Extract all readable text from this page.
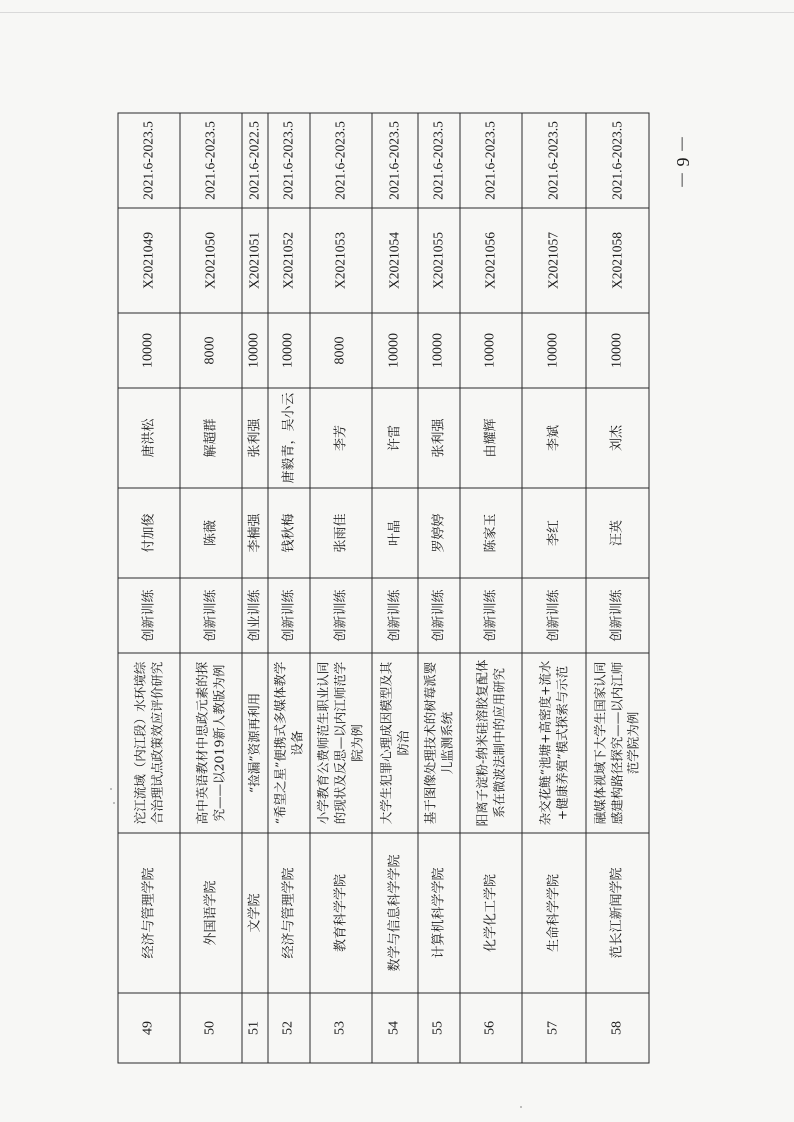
49	经济与管理学院	沱江流域（内江段）水环境综合治理试点政策效应评价研究	创新训练	付加俊	唐洪松	10000	X2021049	2021.6-2023.5
50	外国语学院	高中英语教材中思政元素的探究——以2019新人教版为例	创新训练	陈薇	解超群	8000	X2021050	2021.6-2023.5
51	文学院	“捡漏”资源再利用	创业训练	李楠强	张利强	10000	X2021051	2021.6-2022.5
52	经济与管理学院	“希望之星”便携式多媒体教学设备	创新训练	钱秋梅	唐毅青，吴小云	10000	X2021052	2021.6-2023.5
53	教育科学学院	小学教育公费师范生职业认同的现状及反思—以内江师范学院为例	创新训练	张雨佳	李芳	8000	X2021053	2021.6-2023.5
54	数学与信息科学学院	大学生犯罪心理成因模型及其防治	创新训练	叶晶	许雷	10000	X2021054	2021.6-2023.5
55	计算机科学学院	基于图像处理技术的树莓派婴儿监测系统	创新训练	罗婷婷	张利强	10000	X2021055	2021.6-2023.5
56	化学化工学院	阳离子淀粉-纳米硅溶胶复配体系在微波法制中的应用研究	创新训练	陈家玉	由耀辉	10000	X2021056	2021.6-2023.5
57	生命科学学院	杂交花鲢“池塘+高密度+流水+健康养殖”模式探索与示范	创新训练	李红	李斌	10000	X2021057	2021.6-2023.5
58	范长江新闻学院	融媒体视域下大学生国家认同感建构路径探究——以内江师范学院为例	创新训练	汪英	刘杰	10000	X2021058	2021.6-2023.5	－ 9 －
